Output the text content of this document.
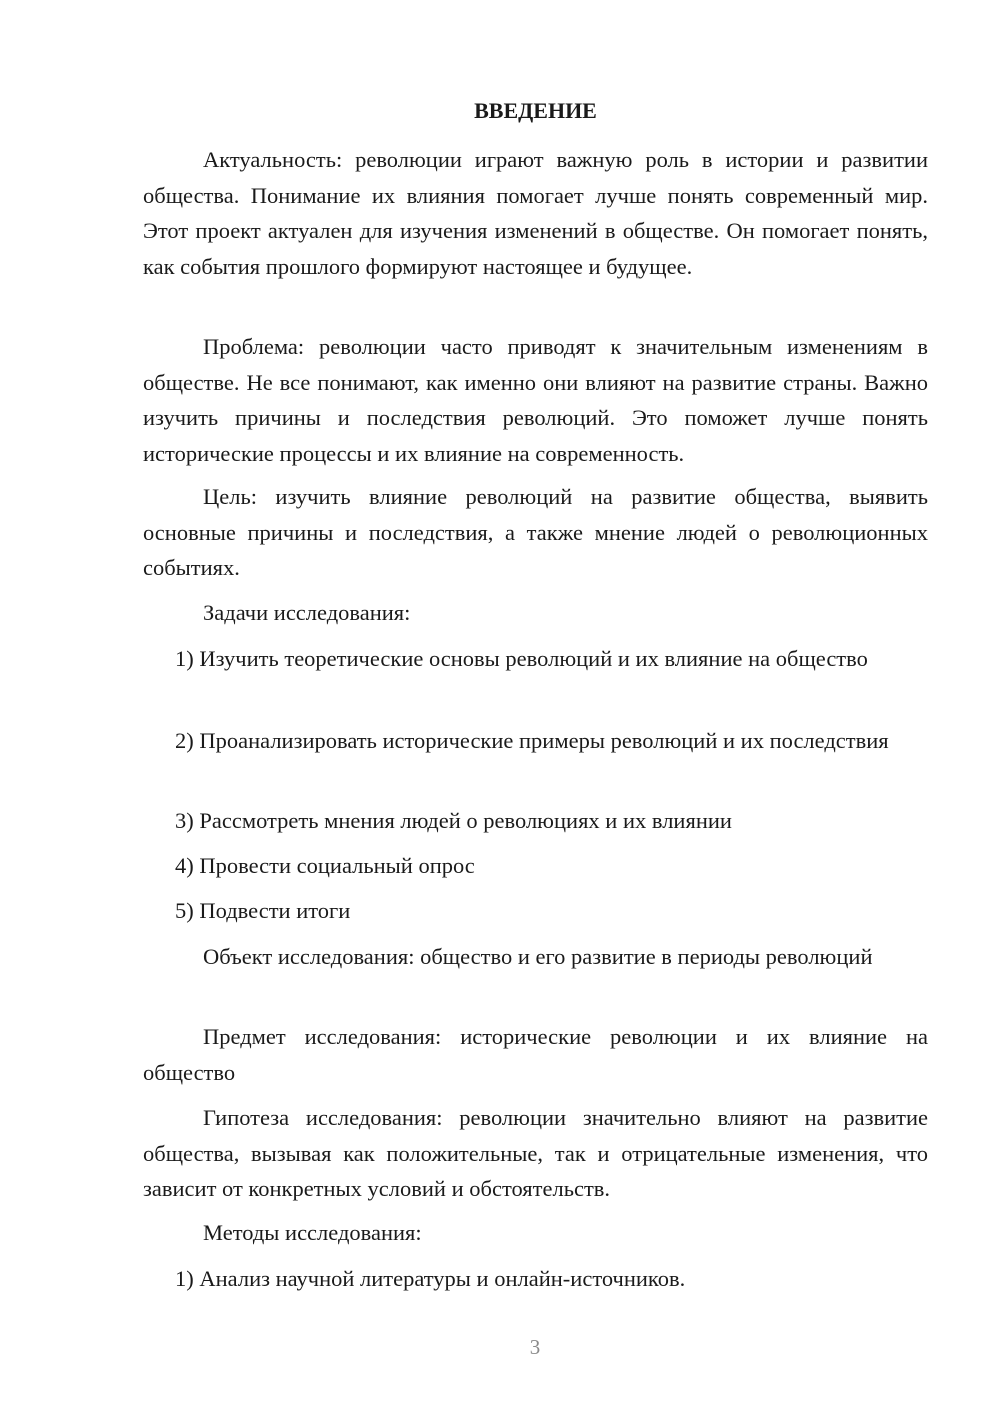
ВВЕДЕНИЕ

Актуальность: революции играют важную роль в истории и развитии общества. Понимание их влияния помогает лучше понять современный мир. Этот проект актуален для изучения изменений в обществе. Он помогает понять, как события прошлого формируют настоящее и будущее.

Проблема: революции часто приводят к значительным изменениям в обществе. Не все понимают, как именно они влияют на развитие страны. Важно изучить причины и последствия революций. Это поможет лучше понять исторические процессы и их влияние на современность.

Цель: изучить влияние революций на развитие общества, выявить основные причины и последствия, а также мнение людей о революционных событиях.

Задачи исследования:

1) Изучить теоретические основы революций и их влияние на общество

2) Проанализировать исторические примеры революций и их последствия

3) Рассмотреть мнения людей о революциях и их влиянии

4) Провести социальный опрос

5) Подвести итоги

Объект исследования: общество и его развитие в периоды революций

Предмет исследования: исторические революции и их влияние на общество

Гипотеза исследования: революции значительно влияют на развитие общества, вызывая как положительные, так и отрицательные изменения, что зависит от конкретных условий и обстоятельств.

Методы исследования:

1) Анализ научной литературы и онлайн-источников.

3
